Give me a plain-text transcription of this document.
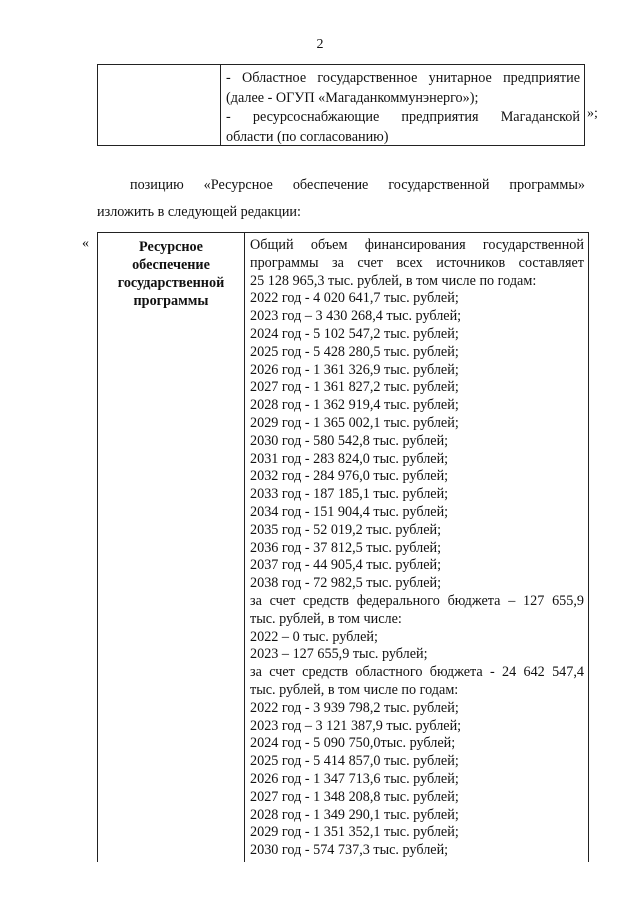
2
- Областное государственное унитарное предприятие
(далее - ОГУП «Магаданкоммунэнерго»);
- ресурсоснабжающие предприятия Магаданской
области (по согласованию)
»;
позицию «Ресурсное обеспечение государственной программы»
изложить в следующей редакции:
«	Ресурсное
обеспечение
государственной
программы
Общий объем финансирования государственной
программы за счет всех источников составляет
25 128 965,3 тыс. рублей, в том числе по годам:
2022 год - 4 020 641,7 тыс. рублей;
2023 год – 3 430 268,4 тыс. рублей;
2024 год - 5 102 547,2 тыс. рублей;
2025 год - 5 428 280,5 тыс. рублей;
2026 год - 1 361 326,9 тыс. рублей;
2027 год - 1 361 827,2 тыс. рублей;
2028 год - 1 362 919,4 тыс. рублей;
2029 год - 1 365 002,1 тыс. рублей;
2030 год - 580 542,8 тыс. рублей;
2031 год - 283 824,0 тыс. рублей;
2032 год - 284 976,0 тыс. рублей;
2033 год - 187 185,1 тыс. рублей;
2034 год - 151 904,4 тыс. рублей;
2035 год - 52 019,2 тыс. рублей;
2036 год - 37 812,5 тыс. рублей;
2037 год - 44 905,4 тыс. рублей;
2038 год - 72 982,5 тыс. рублей;
за счет средств федерального бюджета – 127 655,9
тыс. рублей, в том числе:
2022 – 0 тыс. рублей;
2023 – 127 655,9 тыс. рублей;
за счет средств областного бюджета - 24 642 547,4
тыс. рублей, в том числе по годам:
2022 год - 3 939 798,2 тыс. рублей;
2023 год – 3 121 387,9 тыс. рублей;
2024 год - 5 090 750,0тыс. рублей;
2025 год - 5 414 857,0 тыс. рублей;
2026 год - 1 347 713,6 тыс. рублей;
2027 год - 1 348 208,8 тыс. рублей;
2028 год - 1 349 290,1 тыс. рублей;
2029 год - 1 351 352,1 тыс. рублей;
2030 год - 574 737,3 тыс. рублей;
